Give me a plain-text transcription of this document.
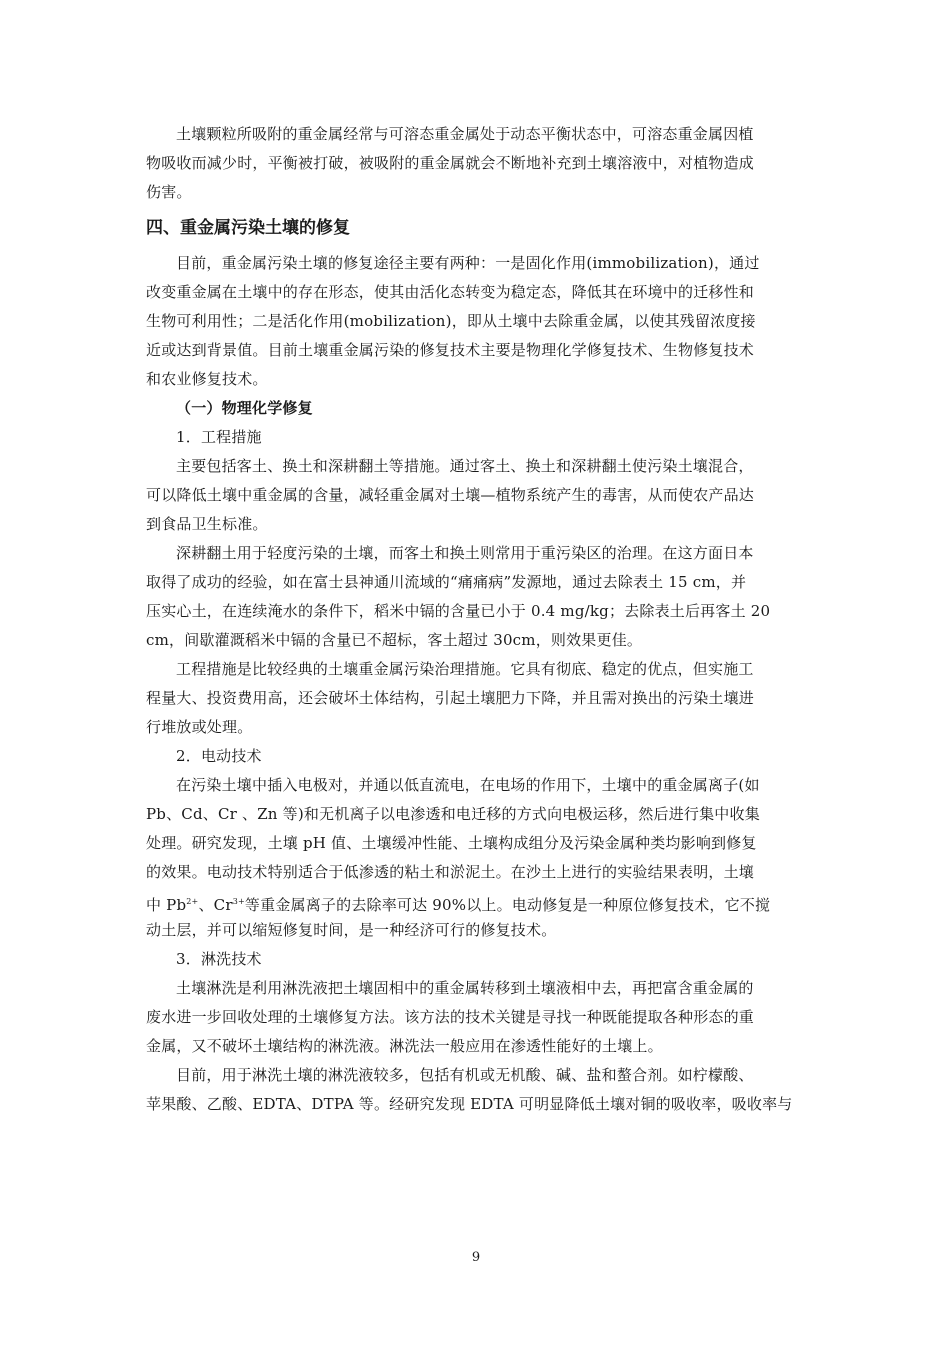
土壤颗粒所吸附的重金属经常与可溶态重金属处于动态平衡状态中，可溶态重金属因植
物吸收而减少时，平衡被打破，被吸附的重金属就会不断地补充到土壤溶液中，对植物造成
伤害。
四、重金属污染土壤的修复
目前，重金属污染土壤的修复途径主要有两种：一是固化作用(immobilization)，通过
改变重金属在土壤中的存在形态，使其由活化态转变为稳定态，降低其在环境中的迁移性和
生物可利用性；二是活化作用(mobilization)，即从土壤中去除重金属，以使其残留浓度接
近或达到背景值。目前土壤重金属污染的修复技术主要是物理化学修复技术、生物修复技术
和农业修复技术。
（一）物理化学修复
1．工程措施
主要包括客土、换土和深耕翻土等措施。通过客土、换土和深耕翻土使污染土壤混合，
可以降低土壤中重金属的含量，减轻重金属对土壤—植物系统产生的毒害，从而使农产品达
到食品卫生标准。
深耕翻土用于轻度污染的土壤，而客土和换土则常用于重污染区的治理。在这方面日本
取得了成功的经验，如在富士县神通川流域的“痛痛病”发源地，通过去除表土 15 cm，并
压实心土，在连续淹水的条件下，稻米中镉的含量已小于 0.4 mg/kg；去除表土后再客土 20
cm，间歇灌溉稻米中镉的含量已不超标，客土超过 30cm，则效果更佳。
工程措施是比较经典的土壤重金属污染治理措施。它具有彻底、稳定的优点，但实施工
程量大、投资费用高，还会破坏土体结构，引起土壤肥力下降，并且需对换出的污染土壤进
行堆放或处理。
2．电动技术
在污染土壤中插入电极对，并通以低直流电，在电场的作用下，土壤中的重金属离子(如
Pb、Cd、Cr 、Zn 等)和无机离子以电渗透和电迁移的方式向电极运移，然后进行集中收集
处理。研究发现，土壤 pH 值、土壤缓冲性能、土壤构成组分及污染金属种类均影响到修复
的效果。电动技术特别适合于低渗透的粘土和淤泥土。在沙土上进行的实验结果表明，土壤
中 $Pb^{2+}$、$Cr^{3+}$等重金属离子的去除率可达 90%以上。电动修复是一种原位修复技术，它不搅
动土层，并可以缩短修复时间，是一种经济可行的修复技术。
3．淋洗技术
土壤淋洗是利用淋洗液把土壤固相中的重金属转移到土壤液相中去，再把富含重金属的
废水进一步回收处理的土壤修复方法。该方法的技术关键是寻找一种既能提取各种形态的重
金属，又不破坏土壤结构的淋洗液。淋洗法一般应用在渗透性能好的土壤上。
目前，用于淋洗土壤的淋洗液较多，包括有机或无机酸、碱、盐和螯合剂。如柠檬酸、
苹果酸、乙酸、EDTA、DTPA 等。经研究发现 EDTA 可明显降低土壤对铜的吸收率，吸收率与
9
